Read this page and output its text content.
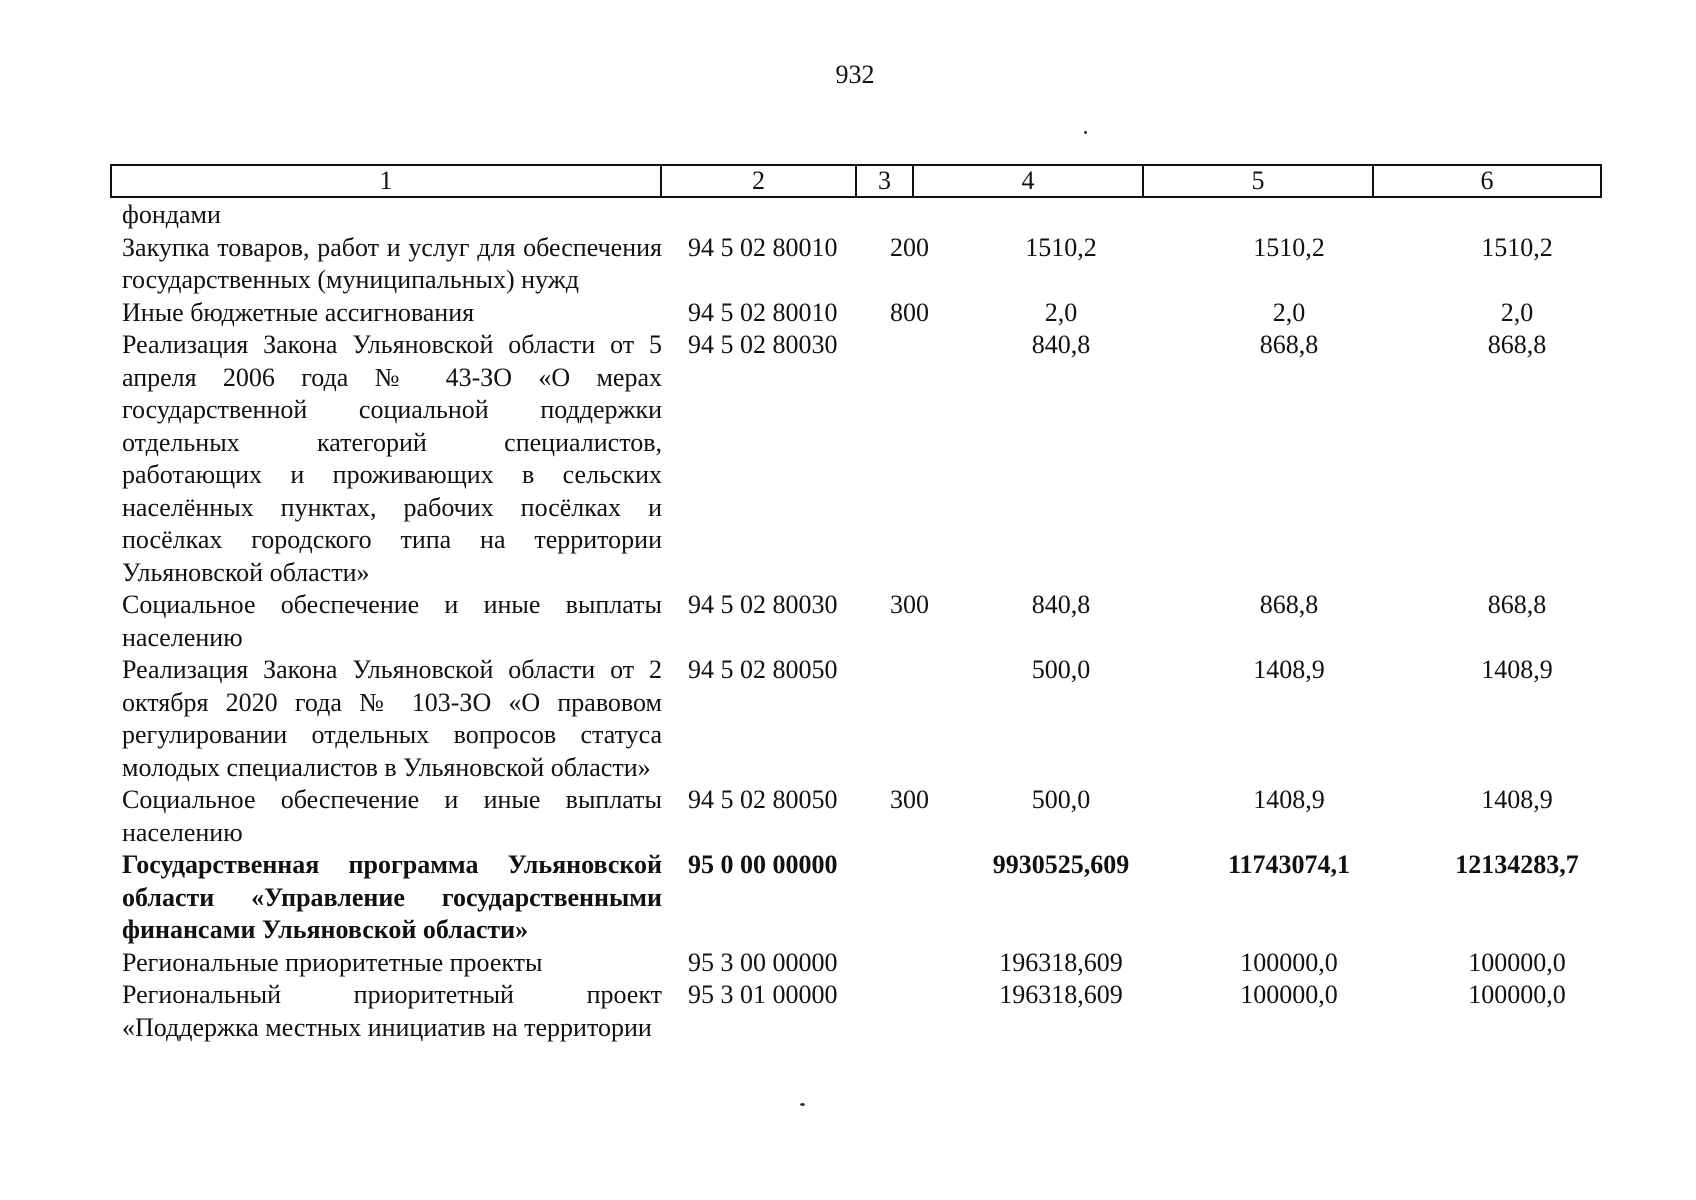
932
1	2	3	4	5	6
фондами					
Закупка товаров, работ и услуг для обеспечения государственных (муниципальных) нужд	94 5 02 80010	200	1510,2	1510,2	1510,2
Иные бюджетные ассигнования	94 5 02 80010	800	2,0	2,0	2,0
Реализация Закона Ульяновской области от 5 апреля 2006 года № 43-ЗО «О мерах государственной социальной поддержки отдельных категорий специалистов, работающих и проживающих в сельских населённых пунктах, рабочих посёлках и посёлках городского типа на территории Ульяновской области»	94 5 02 80030		840,8	868,8	868,8
Социальное обеспечение и иные выплаты населению	94 5 02 80030	300	840,8	868,8	868,8
Реализация Закона Ульяновской области от 2 октября 2020 года № 103-ЗО «О правовом регулировании отдельных вопросов статуса молодых специалистов в Ульяновской области»	94 5 02 80050		500,0	1408,9	1408,9
Социальное обеспечение и иные выплаты населению	94 5 02 80050	300	500,0	1408,9	1408,9
Государственная программа Ульяновской области «Управление государственными финансами Ульяновской области»	95 0 00 00000		9930525,609	11743074,1	12134283,7
Региональные приоритетные проекты	95 3 00 00000		196318,609	100000,0	100000,0
Региональный приоритетный проект «Поддержка местных инициатив на территории	95 3 01 00000		196318,609	100000,0	100000,0
